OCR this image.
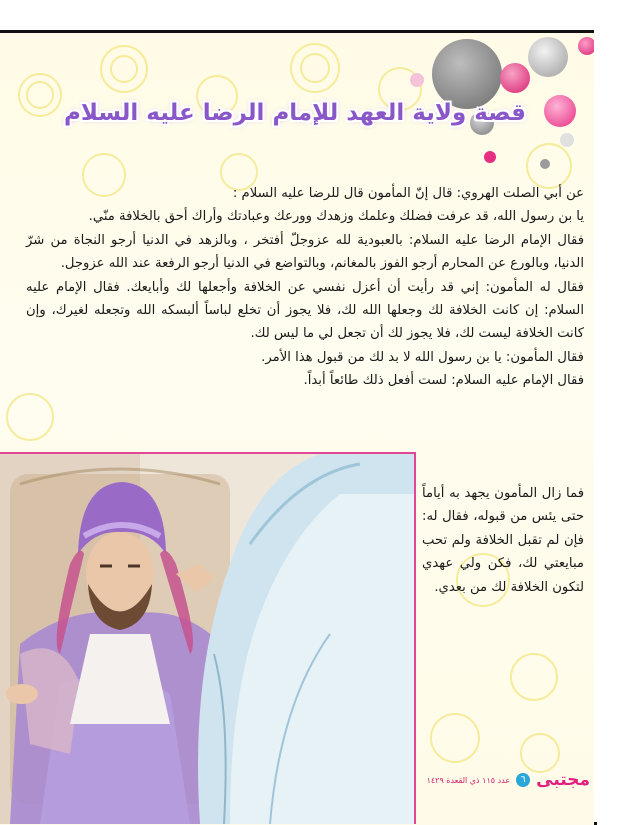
قصة ولاية العهد للإمام الرضا عليه السلام

عن أبي الصلت الهروي: قال إنّ المأمون قال للرضا عليه السلام :

يا بن رسول الله، قد عرفت فضلك وعلمك وزهدك وورعك وعبادتك وأراك أحق بالخلافة منّي.

فقال الإمام الرضا عليه السلام: بالعبودية لله عزوجلّ أفتخر ، وبالزهد في الدنيا أرجو النجاة من شرّ الدنيا، وبالورع عن المحارم أرجو الفوز بالمغانم، وبالتواضع في الدنيا أرجو الرفعة عند الله عزوجل.

فقال له المأمون: إني قد رأيت أن أعزل نفسي عن الخلافة وأجعلها لك وأبايعك. فقال الإمام عليه السلام: إن كانت الخلافة لك وجعلها الله لك، فلا يجوز أن تخلع لباساً ألبسكه الله وتجعله لغيرك، وإن كانت الخلافة ليست لك، فلا يجوز لك أن تجعل لي ما ليس لك.

فقال المأمون: يا بن رسول الله لا بد لك من قبول هذا الأمر.

فقال الإمام عليه السلام: لست أفعل ذلك طائعاً أبداً.

فما زال المأمون يجهد به أياماً حتى يئس من قبوله، فقال له: فإن لم تقبل الخلافة ولم تحب مبايعتي لك، فكن ولي عهدي لتكون الخلافة لك من بعدي.
مجتبى
٦
عدد ١١٥ ذي القعدة ١٤٢٩
